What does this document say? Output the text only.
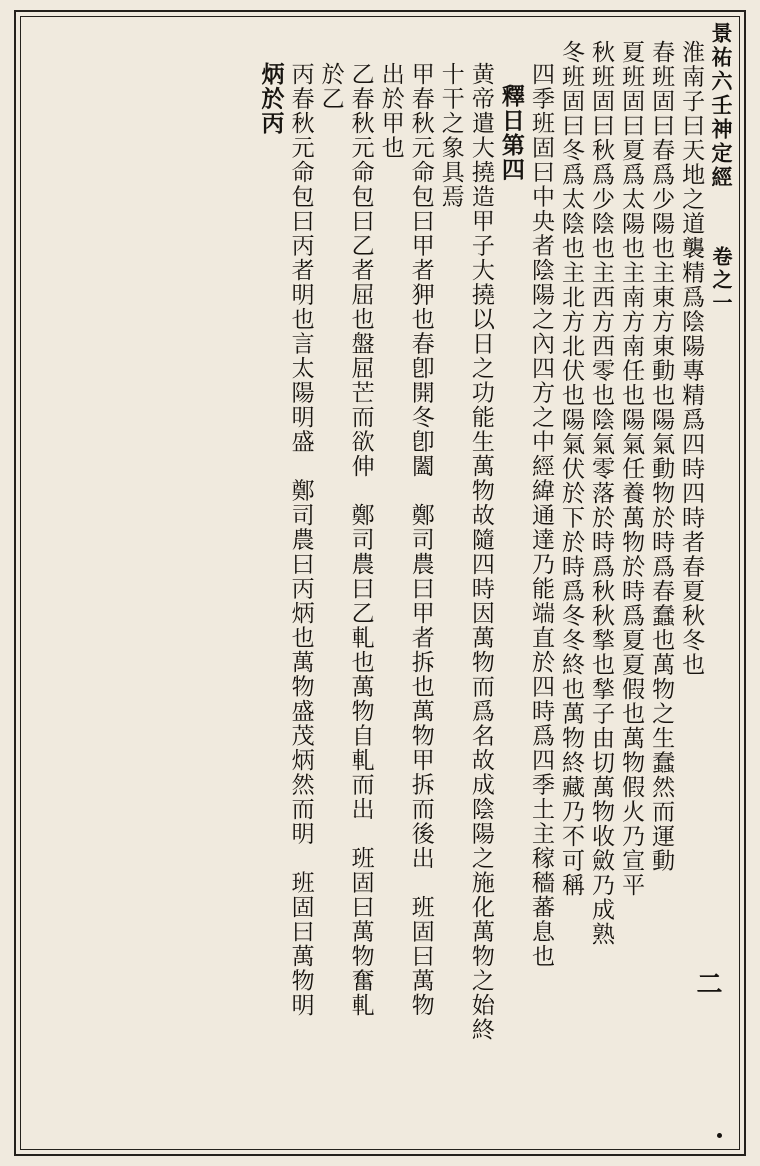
景祐六壬神定經 卷之一
淮南子曰天地之道襲精爲陰陽專精爲四時四時者春夏秋冬也
春班固曰春爲少陽也主東方東動也陽氣動物於時爲春蠢也萬物之生蠢然而運動
夏班固曰夏爲太陽也主南方南任也陽氣任養萬物於時爲夏夏假也萬物假火乃宣平
秋班固曰秋爲少陰也主西方西零也陰氣零落於時爲秋秋揫也揫子由切萬物收斂乃成熟
冬班固曰冬爲太陰也主北方北伏也陽氣伏於下於時爲冬冬終也萬物終藏乃不可稱
四季班固曰中央者陰陽之內四方之中經緯通達乃能端直於四時爲四季土主稼穡蕃息也
釋日第四
黄帝遣大撓造甲子大撓以日之功能生萬物故隨四時因萬物而爲名故成陰陽之施化萬物之始終
十干之象具焉
甲春秋元命包曰甲者狎也春卽開冬卽闔　鄭司農曰甲者拆也萬物甲拆而後出　班固曰萬物
出於甲也
乙春秋元命包曰乙者屈也盤屈芒而欲伸　鄭司農曰乙軋也萬物自軋而出　班固曰萬物奮軋
於乙
丙春秋元命包曰丙者明也言太陽明盛　鄭司農曰丙炳也萬物盛茂炳然而明　班固曰萬物明
炳於丙
二
